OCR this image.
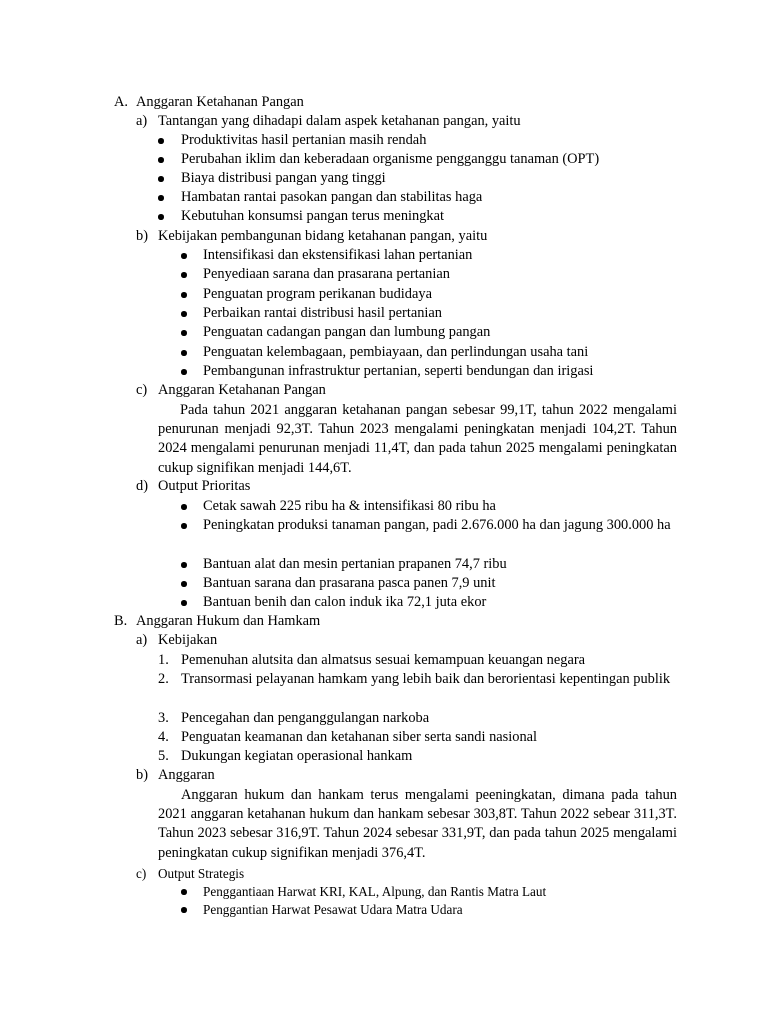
A. Anggaran Ketahanan Pangan
a) Tantangan yang dihadapi dalam aspek ketahanan pangan, yaitu
Produktivitas hasil pertanian masih rendah
Perubahan iklim dan keberadaan organisme pengganggu tanaman (OPT)
Biaya distribusi pangan yang tinggi
Hambatan rantai pasokan pangan dan stabilitas haga
Kebutuhan konsumsi pangan terus meningkat
b) Kebijakan pembangunan bidang ketahanan pangan, yaitu
Intensifikasi dan ekstensifikasi lahan pertanian
Penyediaan sarana dan prasarana pertanian
Penguatan program perikanan budidaya
Perbaikan rantai distribusi hasil pertanian
Penguatan cadangan pangan dan lumbung pangan
Penguatan kelembagaan, pembiayaan, dan perlindungan usaha tani
Pembangunan infrastruktur pertanian, seperti bendungan dan irigasi
c) Anggaran Ketahanan Pangan
Pada tahun 2021 anggaran ketahanan pangan sebesar 99,1T, tahun 2022 mengalami penurunan menjadi 92,3T. Tahun 2023 mengalami peningkatan menjadi 104,2T. Tahun 2024 mengalami penurunan menjadi 11,4T, dan pada tahun 2025 mengalami peningkatan cukup signifikan menjadi 144,6T.
d) Output Prioritas
Cetak sawah 225 ribu ha & intensifikasi 80 ribu ha
Peningkatan produksi tanaman pangan, padi 2.676.000 ha dan jagung 300.000 ha
Bantuan alat dan mesin pertanian prapanen 74,7 ribu
Bantuan sarana dan prasarana pasca panen 7,9 unit
Bantuan benih dan calon induk ika 72,1 juta ekor
B. Anggaran Hukum dan Hamkam
a) Kebijakan
1. Pemenuhan alutsita dan almatsus sesuai kemampuan keuangan negara
2. Transormasi pelayanan hamkam yang lebih baik dan berorientasi kepentingan publik
3. Pencegahan dan penganggulangan narkoba
4. Penguatan keamanan dan ketahanan siber serta sandi nasional
5. Dukungan kegiatan operasional hankam
b) Anggaran
Anggaran hukum dan hankam terus mengalami peeningkatan, dimana pada tahun 2021 anggaran ketahanan hukum dan hankam sebesar 303,8T. Tahun 2022 sebear 311,3T. Tahun 2023 sebesar 316,9T. Tahun 2024 sebesar 331,9T, dan pada tahun 2025 mengalami peningkatan cukup signifikan menjadi 376,4T.
c) Output Strategis
Penggantiaan Harwat KRI, KAL, Alpung, dan Rantis Matra Laut
Penggantian Harwat Pesawat Udara Matra Udara
